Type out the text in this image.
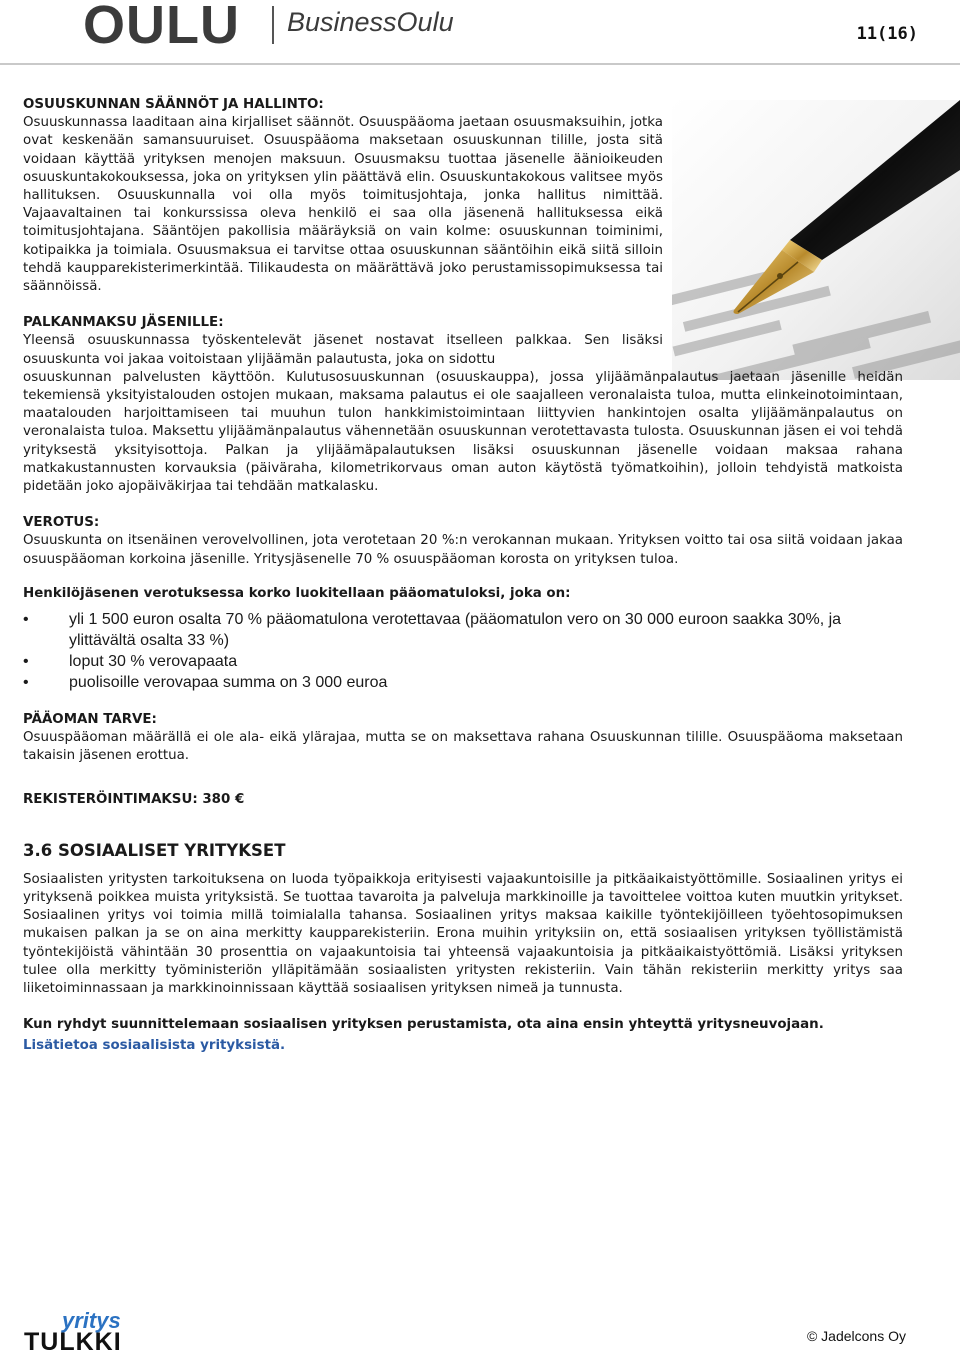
OULU BusinessOulu	11(16)
OSUUSKUNNAN SÄÄNNÖT JA HALLINTO:

Osuuskunnassa laaditaan aina kirjalliset säännöt. Osuuspääoma jaetaan osuusmaksuihin, jotka ovat keskenään samansuuruiset. Osuuspääoma maksetaan osuuskunnan tilille, josta sitä voidaan käyttää yrityksen menojen maksuun. Osuusmaksu tuottaa jäsenelle äänioikeuden osuuskuntakokouksessa, joka on yrityksen ylin päättävä elin. Osuuskuntakokous valitsee myös hallituksen. Osuuskunnalla voi olla myös toimitusjohtaja, jonka hallitus nimittää. Vajaavaltainen tai konkurssissa oleva henkilö ei saa olla jäsenenä hallituksessa eikä toimitusjohtajana. Sääntöjen pakollisia määräyksiä on vain kolme: osuuskunnan toiminimi, kotipaikka ja toimiala. Osuusmaksua ei tarvitse ottaa osuuskunnan sääntöihin eikä siitä silloin tehdä kaupparekisterimerkintää. Tilikaudesta on määrättävä joko perustamissopimuksessa tai säännöissä.

PALKANMAKSU JÄSENILLE:

Yleensä osuuskunnassa työskentelevät jäsenet nostavat itselleen palkkaa. Sen lisäksi osuuskunta voi jakaa voitoistaan ylijäämän palautusta, joka on sidottu

osuuskunnan palvelusten käyttöön. Kulutusosuuskunnan (osuuskauppa), jossa ylijäämänpalautus jaetaan jäsenille heidän tekemiensä yksityistalouden ostojen mukaan, maksama palautus ei ole saajalleen veronalaista tuloa, mutta elinkeinotoimintaan, maatalouden harjoittamiseen tai muuhun tulon hankkimistoimintaan liittyvien hankintojen osalta ylijäämänpalautus on veronalaista tuloa. Maksettu ylijäämänpalautus vähennetään osuuskunnan verotettavasta tulosta. Osuuskunnan jäsen ei voi tehdä yrityksestä yksityisottoja. Palkan ja ylijäämäpalautuksen lisäksi osuuskunnan jäsenelle voidaan maksaa rahana matkakustannusten korvauksia (päiväraha, kilometrikorvaus oman auton käytöstä työmatkoihin), jolloin tehdyistä matkoista pidetään joko ajopäiväkirjaa tai tehdään matkalasku.

VEROTUS:

Osuuskunta on itsenäinen verovelvollinen, jota verotetaan 20 %:n verokannan mukaan. Yrityksen voitto tai osa siitä voidaan jakaa osuuspääoman korkoina jäsenille. Yritysjäsenelle 70 % osuuspääoman korosta on yrityksen tuloa.

Henkilöjäsenen verotuksessa korko luokitellaan pääomatuloksi, joka on:
•	yli 1 500 euron osalta 70 % pääomatulona verotettavaa (pääomatulon vero on 30 000 euroon saakka 30%, ja ylittävältä osalta 33 %)
•	loput 30 % verovapaata
•	puolisoille verovapaa summa on 3 000 euroa
PÄÄOMAN TARVE:

Osuuspääoman määrällä ei ole ala- eikä ylärajaa, mutta se on maksettava rahana Osuuskunnan tilille. Osuuspääoma maksetaan takaisin jäsenen erottua.

REKISTERÖINTIMAKSU: 380 €
3.6 SOSIAALISET YRITYKSET

Sosiaalisten yritysten tarkoituksena on luoda työpaikkoja erityisesti vajaakuntoisille ja pitkäaikaistyöttömille. Sosiaalinen yritys ei yrityksenä poikkea muista yrityksistä. Se tuottaa tavaroita ja palveluja markkinoille ja tavoittelee voittoa kuten muutkin yritykset. Sosiaalinen yritys voi toimia millä toimialalla tahansa. Sosiaalinen yritys maksaa kaikille työntekijöilleen työehtosopimuksen mukaisen palkan ja se on aina merkitty kaupparekisteriin. Erona muihin yrityksiin on, että sosiaalisen yrityksen työllistämistä työntekijöistä vähintään 30 prosenttia on vajaakuntoisia tai yhteensä vajaakuntoisia ja pitkäaikaistyöttömiä. Lisäksi yrityksen tulee olla merkitty työministeriön ylläpitämään sosiaalisten yritysten rekisteriin. Vain tähän rekisteriin merkitty yritys saa liiketoiminnassaan ja markkinoinnissaan käyttää sosiaalisen yrityksen nimeä ja tunnusta.

Kun ryhdyt suunnittelemaan sosiaalisen yrityksen perustamista, ota aina ensin yhteyttä yritysneuvojaan.

Lisätietoa sosiaalisista yrityksistä.
yritys
TULKKI	© Jadelcons Oy
